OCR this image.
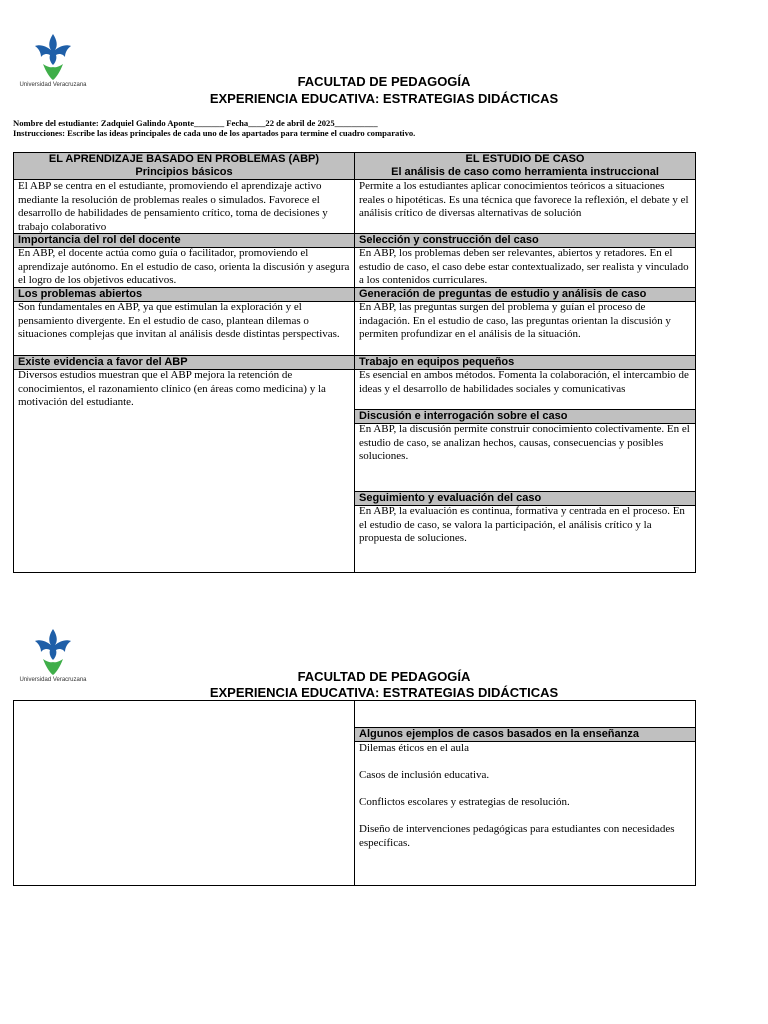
Universidad Veracruzana	FACULTAD DE PEDAGOGÍA
EXPERIENCIA EDUCATIVA: ESTRATEGIAS DIDÁCTICAS
Nombre del estudiante: Zadquiel Galindo Aponte_______ Fecha____22 de abril de 2025__________
Instrucciones: Escribe las ideas principales de cada uno de los apartados para termine el cuadro comparativo.
EL APRENDIZAJE BASADO EN PROBLEMAS (ABP)
Principios básicos
El ABP se centra en el estudiante, promoviendo el aprendizaje activo mediante la resolución de problemas reales o simulados. Favorece el desarrollo de habilidades de pensamiento crítico, toma de decisiones y trabajo colaborativo
Importancia del rol del docente
En ABP, el docente actúa como guía o facilitador, promoviendo el aprendizaje autónomo. En el estudio de caso, orienta la discusión y asegura el logro de los objetivos educativos.
Los problemas abiertos
Son fundamentales en ABP, ya que estimulan la exploración y el pensamiento divergente. En el estudio de caso, plantean dilemas o situaciones complejas que invitan al análisis desde distintas perspectivas.
Existe evidencia a favor del ABP
Diversos estudios muestran que el ABP mejora la retención de conocimientos, el razonamiento clínico (en áreas como medicina) y la motivación del estudiante.
EL ESTUDIO DE CASO
El análisis de caso como herramienta instruccional
Permite a los estudiantes aplicar conocimientos teóricos a situaciones reales o hipotéticas. Es una técnica que favorece la reflexión, el debate y el análisis crítico de diversas alternativas de solución
Selección y construcción del caso
En ABP, los problemas deben ser relevantes, abiertos y retadores. En el estudio de caso, el caso debe estar contextualizado, ser realista y vinculado a los contenidos curriculares.
Generación de preguntas de estudio y análisis de caso
En ABP, las preguntas surgen del problema y guían el proceso de indagación. En el estudio de caso, las preguntas orientan la discusión y permiten profundizar en el análisis de la situación.
Trabajo en equipos pequeños
Es esencial en ambos métodos. Fomenta la colaboración, el intercambio de ideas y el desarrollo de habilidades sociales y comunicativas
Discusión e interrogación sobre el caso
En ABP, la discusión permite construir conocimiento colectivamente. En el estudio de caso, se analizan hechos, causas, consecuencias y posibles soluciones.
Seguimiento y evaluación del caso
En ABP, la evaluación es continua, formativa y centrada en el proceso. En el estudio de caso, se valora la participación, el análisis crítico y la propuesta de soluciones.
Universidad Veracruzana	FACULTAD DE PEDAGOGÍA
EXPERIENCIA EDUCATIVA: ESTRATEGIAS DIDÁCTICAS
Algunos ejemplos de casos basados en la enseñanza

Dilemas éticos en el aula

Casos de inclusión educativa.

Conflictos escolares y estrategias de resolución.

Diseño de intervenciones pedagógicas para estudiantes con necesidades específicas.
